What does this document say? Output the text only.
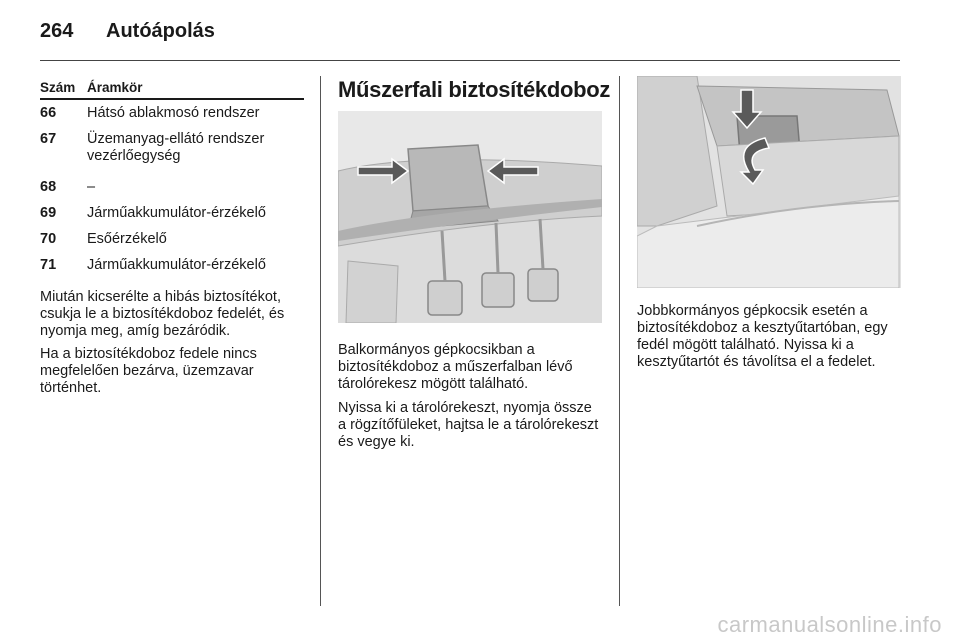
264 Autóápolás
Szám Áramkör
66	Hátsó ablakmosó rendszer
67	Üzemanyag-ellátó rendszer vezérlőegység
68	–
69	Járműakkumulátor-érzékelő
70	Esőérzékelő
71	Járműakkumulátor-érzékelő

Miután kicserélte a hibás biztosítékot, csukja le a biztosítékdoboz fedelét, és nyomja meg, amíg bezáródik.

Ha a biztosítékdoboz fedele nincs megfelelően bezárva, üzemzavar történhet.

Műszerfali biztosítékdoboz

Balkormányos gépkocsikban a biztosítékdoboz a műszerfalban lévő tárolórekesz mögött található.

Nyissa ki a tárolórekeszt, nyomja össze a rögzítőfüleket, hajtsa le a tárolórekeszt és vegye ki.

Jobbkormányos gépkocsik esetén a biztosítékdoboz a kesztyűtartóban, egy fedél mögött található. Nyissa ki a kesztyűtartót és távolítsa el a fedelet.

carmanualsonline.info
